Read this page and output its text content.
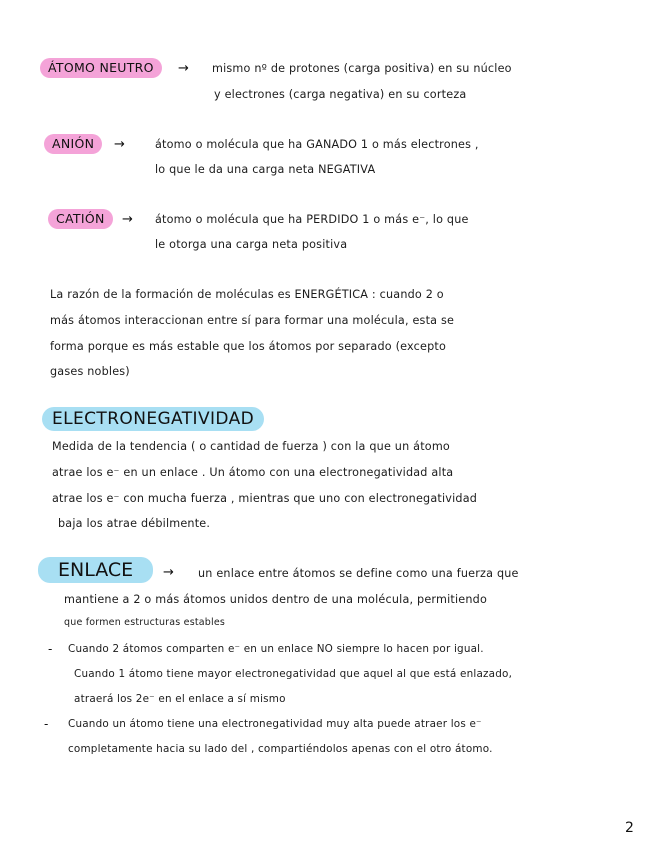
ÁTOMO NEUTRO	→ mismo nº de protones (carga positiva) en su núcleo
y electrones (carga negativa) en su corteza
ANIÓN	→	átomo o molécula que ha GANADO 1 o más electrones ,
lo que le da una carga neta NEGATIVA
CATIÓN	→ átomo o molécula que ha PERDIDO 1 o más e⁻, lo que
le otorga una carga neta positiva
La razón de la formación de moléculas es ENERGÉTICA : cuando 2 o
más átomos interaccionan entre sí para formar una molécula, esta se
forma porque es más estable que los átomos por separado (excepto
gases nobles)
ELECTRONEGATIVIDAD
Medida de la tendencia ( o cantidad de fuerza ) con la que un átomo
atrae los e⁻ en un enlace . Un átomo con una electronegatividad alta
atrae los e⁻ con mucha fuerza , mientras que uno con electronegatividad
baja los atrae débilmente.
ENLACE	→ un enlace entre átomos se define como una fuerza que
mantiene a 2 o más átomos unidos dentro de una molécula, permitiendo
que formen estructuras estables
- Cuando 2 átomos comparten e⁻ en un enlace NO siempre lo hacen por igual.
Cuando 1 átomo tiene mayor electronegatividad que aquel al que está enlazado,
atraerá los 2e⁻ en el enlace a sí mismo
- Cuando un átomo tiene una electronegatividad muy alta puede atraer los e⁻
completamente hacia su lado del , compartiéndolos apenas con el otro átomo.
2
